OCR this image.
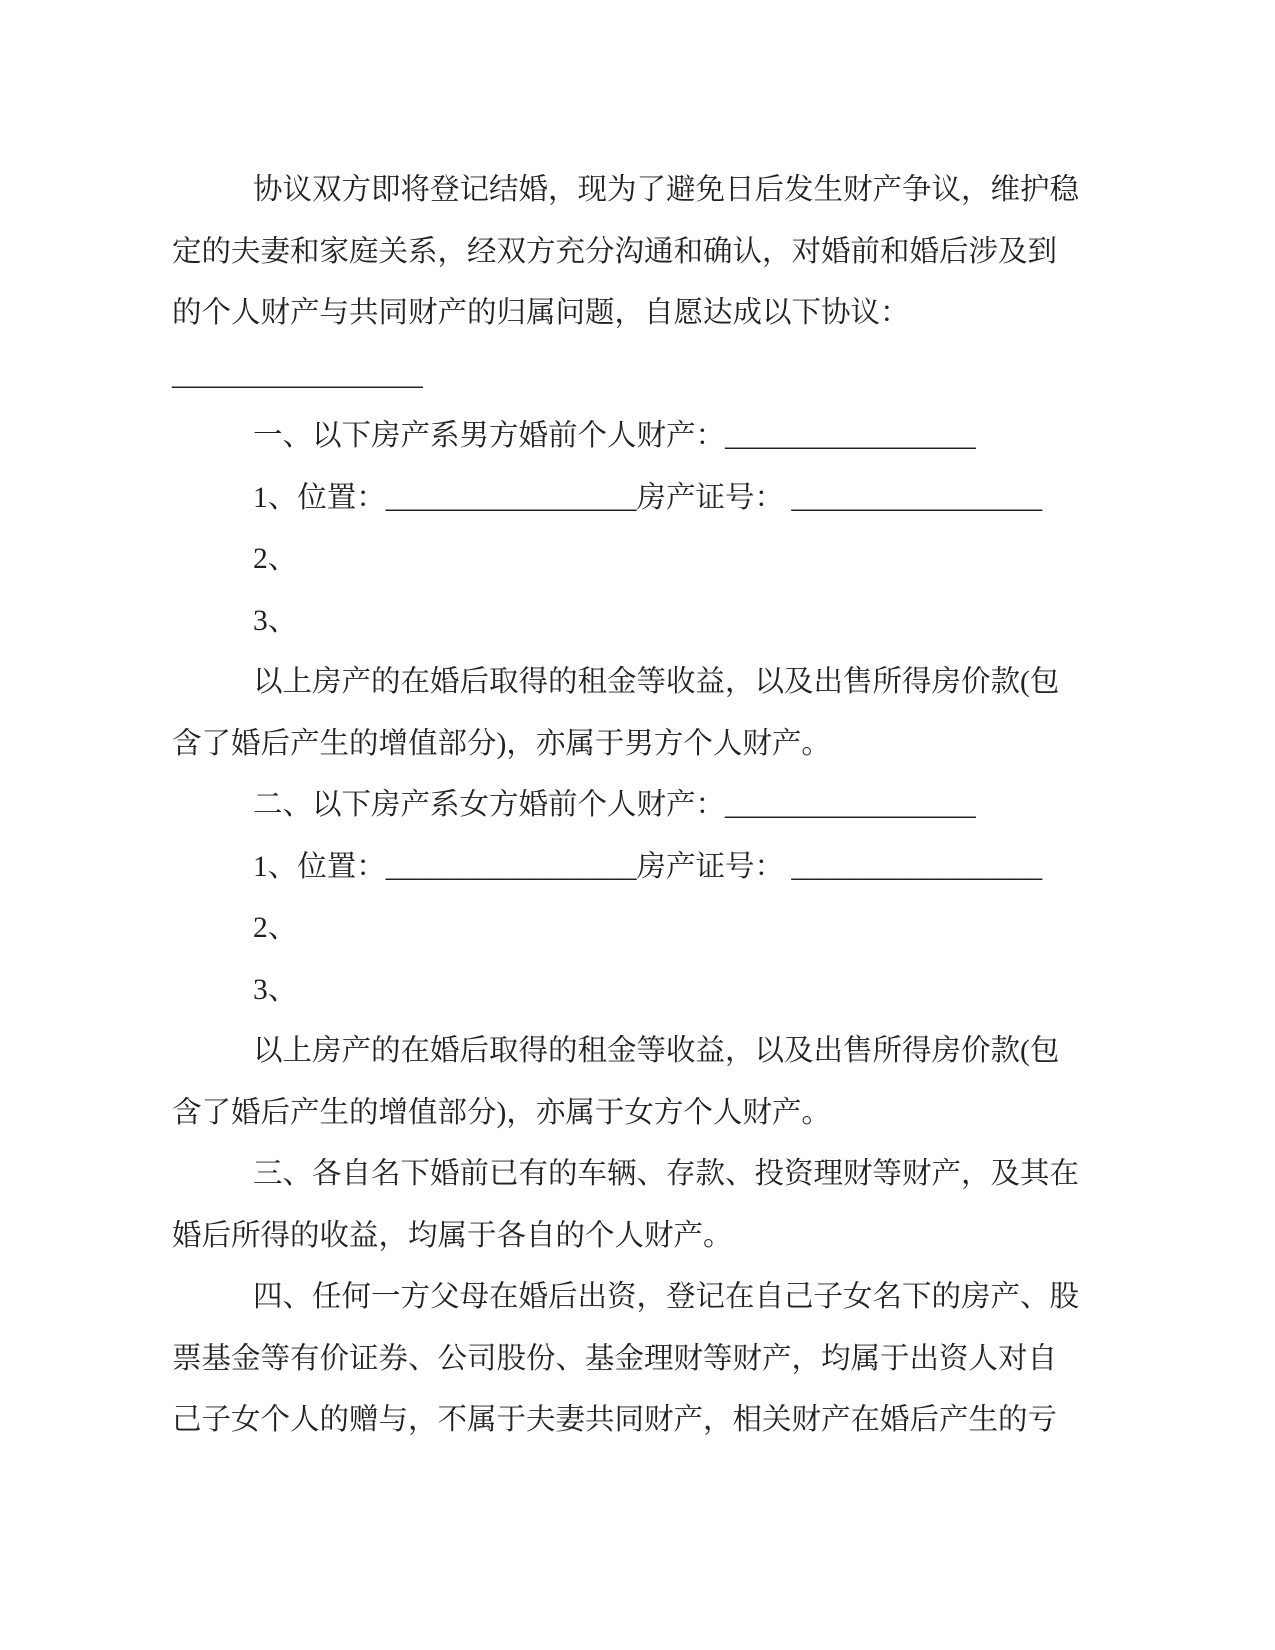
协议双方即将登记结婚，现为了避免日后发生财产争议，维护稳
定的夫妻和家庭关系，经双方充分沟通和确认，对婚前和婚后涉及到
的个人财产与共同财产的归属问题，自愿达成以下协议：
_________________
一、以下房产系男方婚前个人财产：_________________
1、位置：_________________房产证号： _________________
2、
3、
以上房产的在婚后取得的租金等收益，以及出售所得房价款(包
含了婚后产生的增值部分)，亦属于男方个人财产。
二、以下房产系女方婚前个人财产：_________________
1、位置：_________________房产证号： _________________
2、
3、
以上房产的在婚后取得的租金等收益，以及出售所得房价款(包
含了婚后产生的增值部分)，亦属于女方个人财产。
三、各自名下婚前已有的车辆、存款、投资理财等财产，及其在
婚后所得的收益，均属于各自的个人财产。
四、任何一方父母在婚后出资，登记在自己子女名下的房产、股
票基金等有价证券、公司股份、基金理财等财产，均属于出资人对自
己子女个人的赠与，不属于夫妻共同财产，相关财产在婚后产生的亏
